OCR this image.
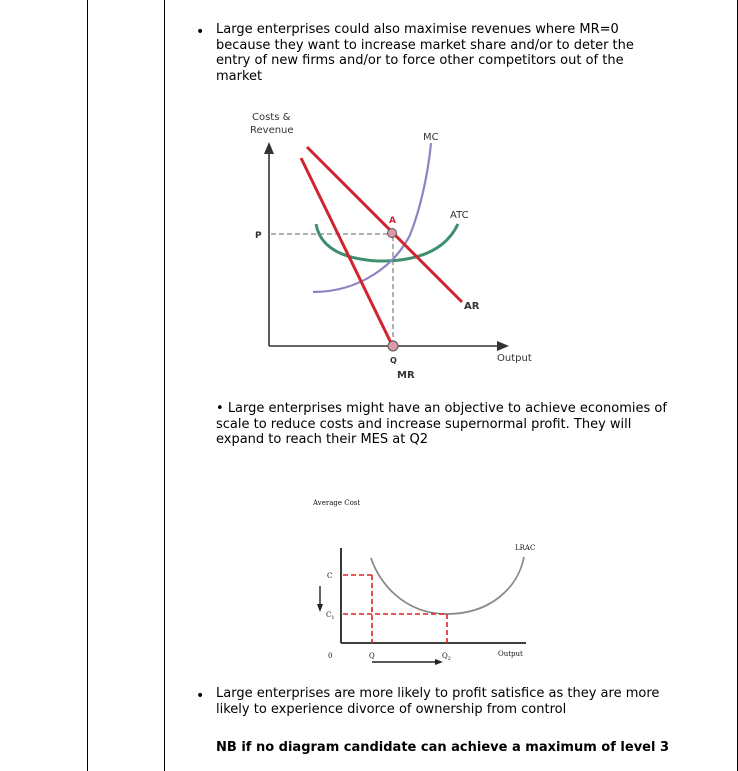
• Large enterprises could also maximise revenues where MR=0 because they want to increase market share and/or to deter the entry of new firms and/or to force other competitors out of the market
Costs &
Revenue
Output
P
ATC
MC
AR
MR
A
Q
• Large enterprises might have an objective to achieve economies of scale to reduce costs and increase supernormal profit. They will expand to reach their MES at Q2
Average Cost
0	Output
LRAC
C
$C_1$
Q	$Q_2$
• Large enterprises are more likely to profit satisfice as they are more likely to experience divorce of ownership from control
NB if no diagram candidate can achieve a maximum of level 3
